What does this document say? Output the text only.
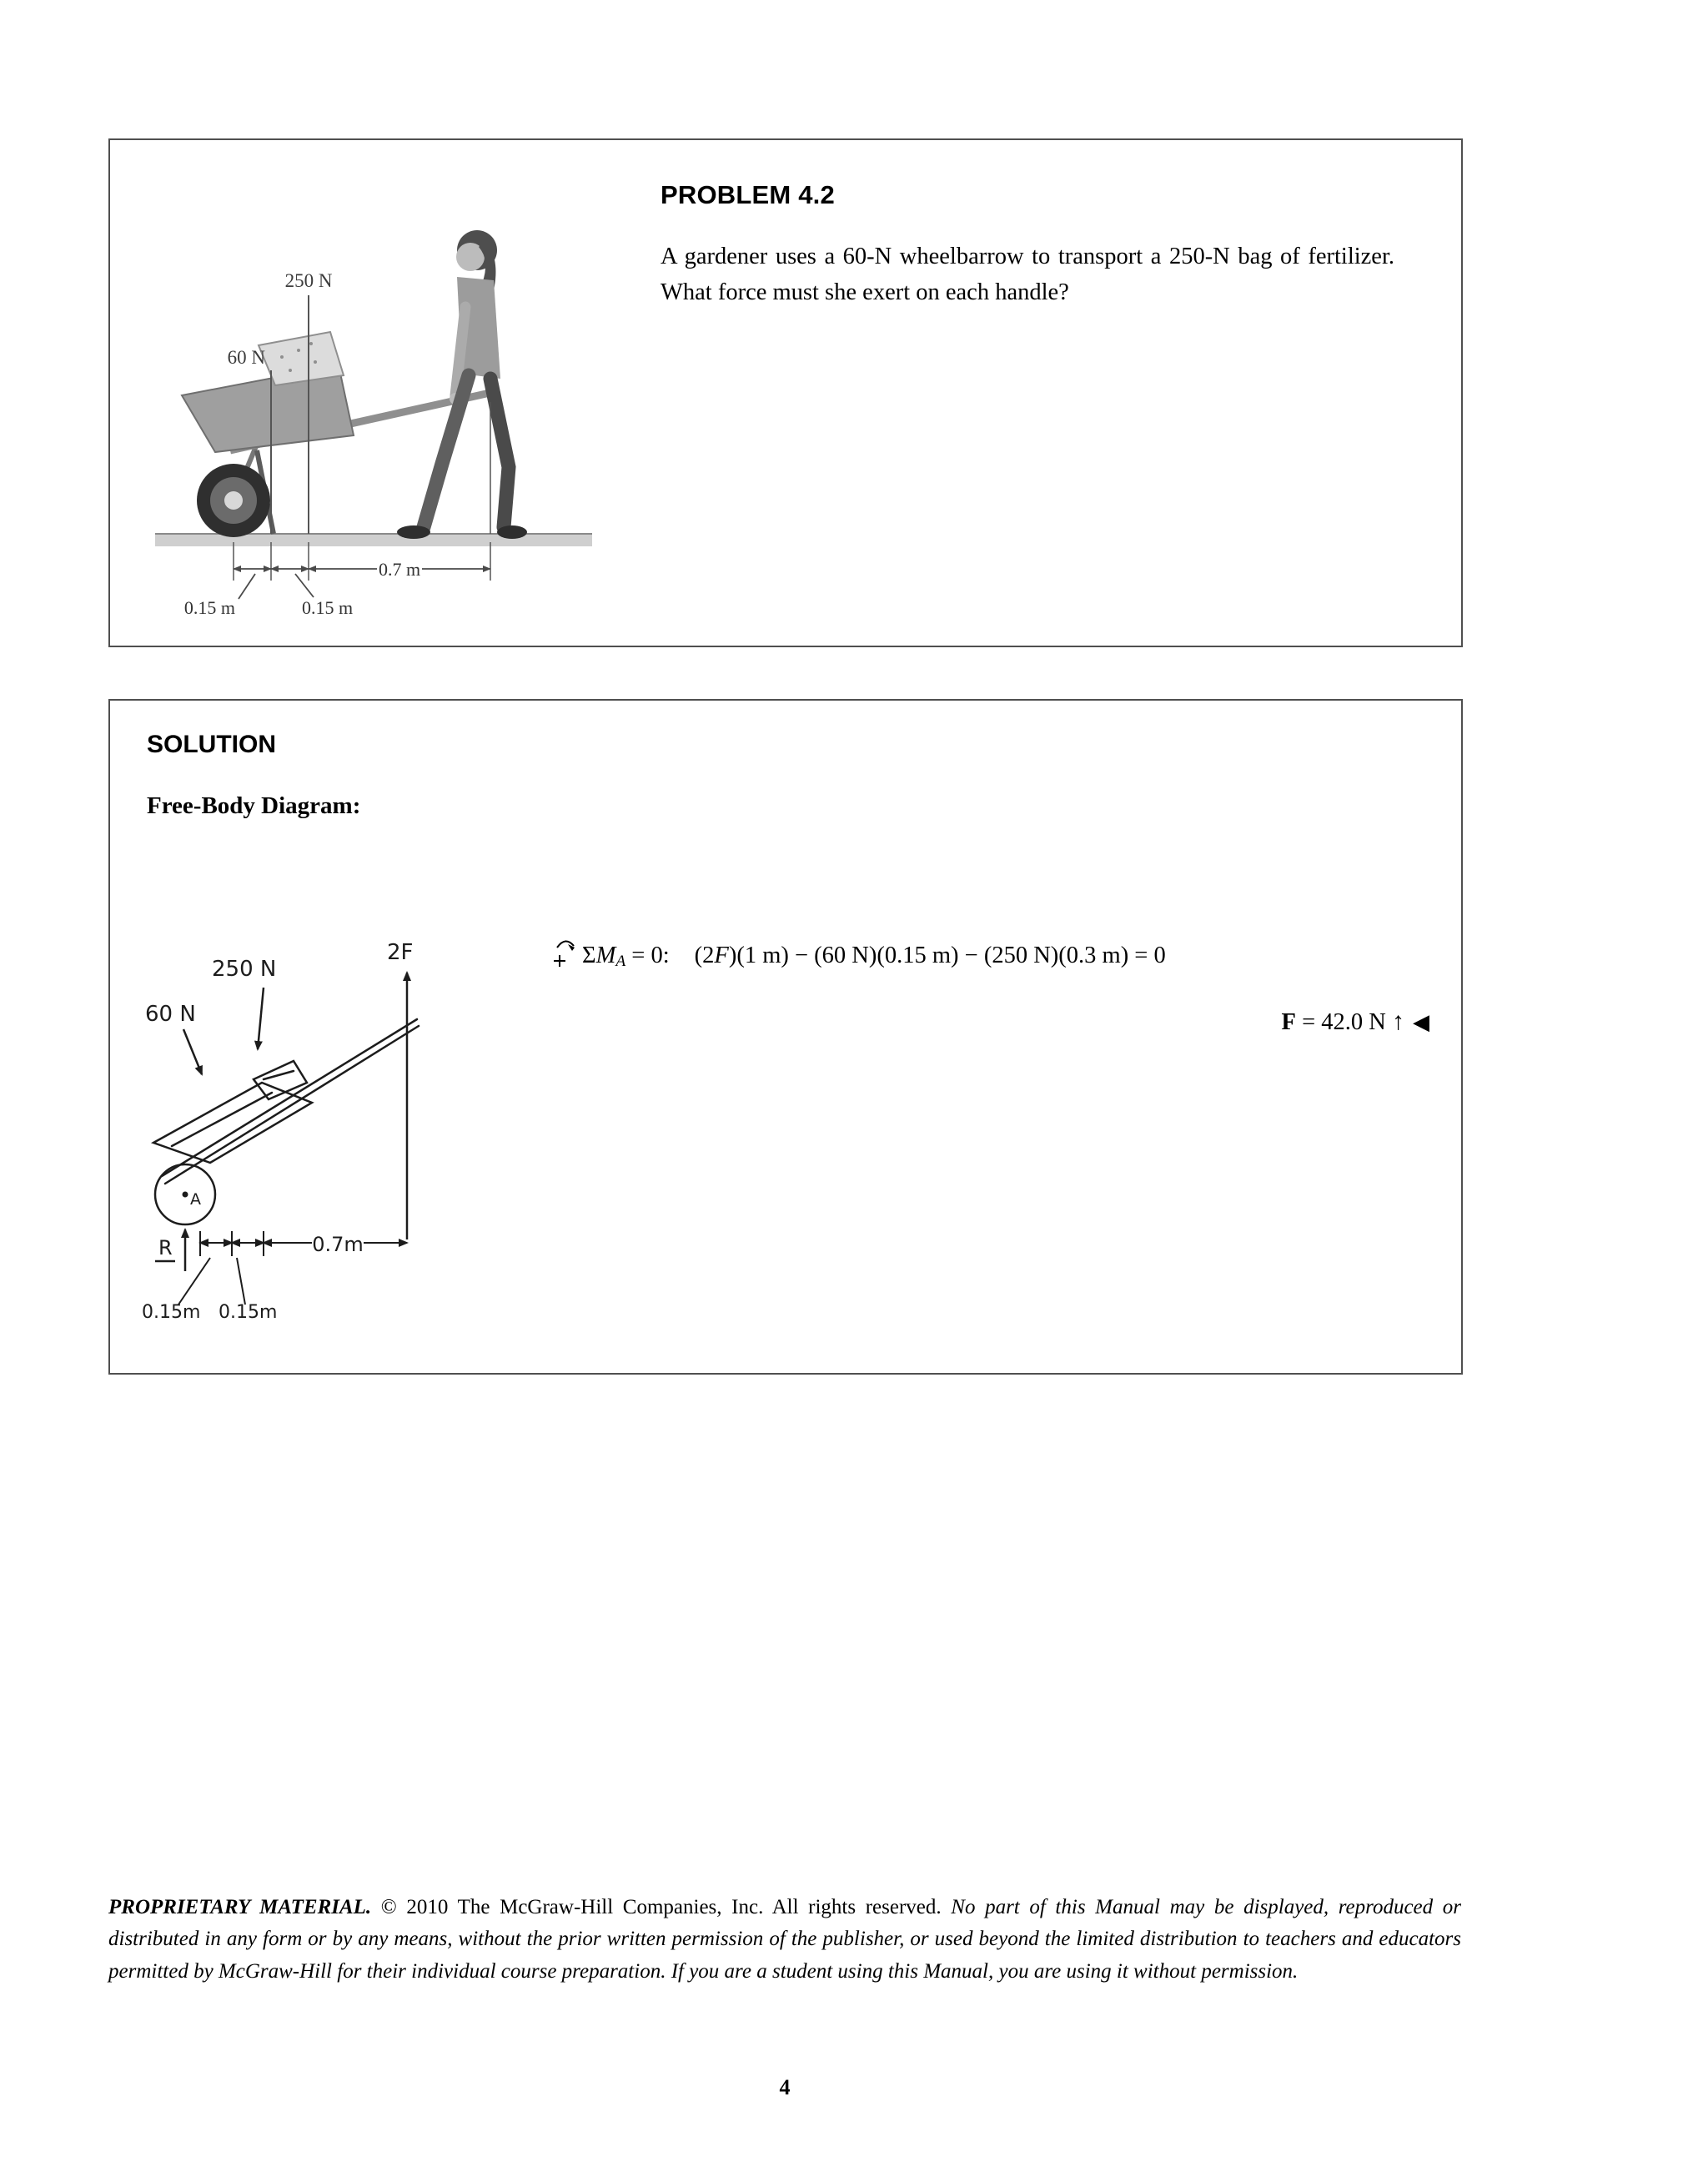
250 N
60 N
0.7 m
0.15 m	0.15 m
PROBLEM 4.2
A gardener uses a 60-N wheelbarrow to transport a 250-N bag of fertilizer. What force must she exert on each handle?
SOLUTION
Free-Body Diagram:
A
250 N
60 N
2F
R	0.7m
0.15m 0.15m
$\Sigma M_A = 0$: (2F)(1 m) − (60 N)(0.15 m) − (250 N)(0.3 m) = 0
F = 42.0 N ↑ ◀

PROPRIETARY MATERIAL. © 2010 The McGraw-Hill Companies, Inc. All rights reserved. No part of this Manual may be displayed, reproduced or distributed in any form or by any means, without the prior written permission of the publisher, or used beyond the limited distribution to teachers and educators permitted by McGraw-Hill for their individual course preparation. If you are a student using this Manual, you are using it without permission.

4
